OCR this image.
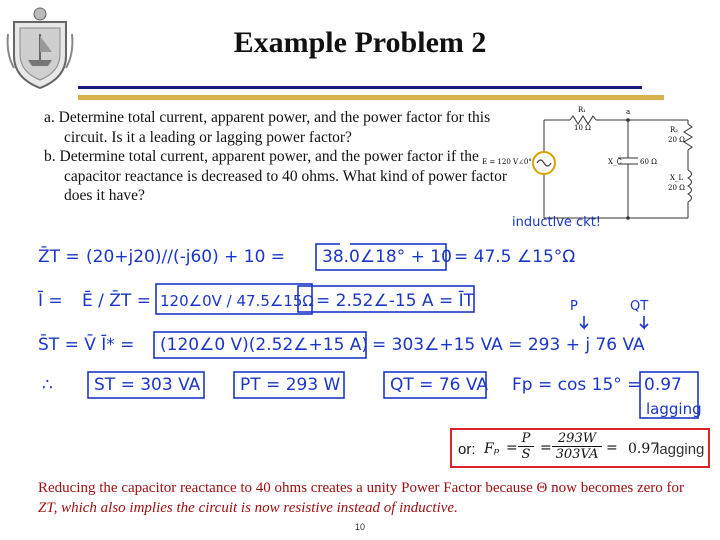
Example Problem 2

a. Determine total current, apparent power, and the power factor for this circuit. Is it a leading or lagging power factor?

b. Determine total current, apparent power, and the power factor if the capacitor reactance is decreased to 40 ohms. What kind of power factor does it have?

R₁
10 Ω
a
E = 120 V∠0°	X_C	60 Ω
R₂
20 Ω
X_L
20 Ω
inductive ckt!
Z̄T = (20+j20)//(-j60) + 10 = 38.0∠18° + 10 = 47.5 ∠15°Ω
Ī = Ē / Z̄T = 120∠0V / 47.5∠15Ω = 2.52∠-15 A = ĪT	P	QT
S̄T = V̄ Ī* = (120∠0 V)(2.52∠+15 A) = 303∠+15 VA = 293 + j 76 VA
∴ ST = 303 VA PT = 293 W	QT = 76 VA Fp = cos 15° = 0.97
lagging
or: $F_p = \frac{P}{S} = \frac{293W}{303VA} = 0.97$
lagging
Reducing the capacitor reactance to 40 ohms creates a unity Power Factor because Θ now becomes zero for ZT, which also implies the circuit is now resistive instead of inductive.
10
